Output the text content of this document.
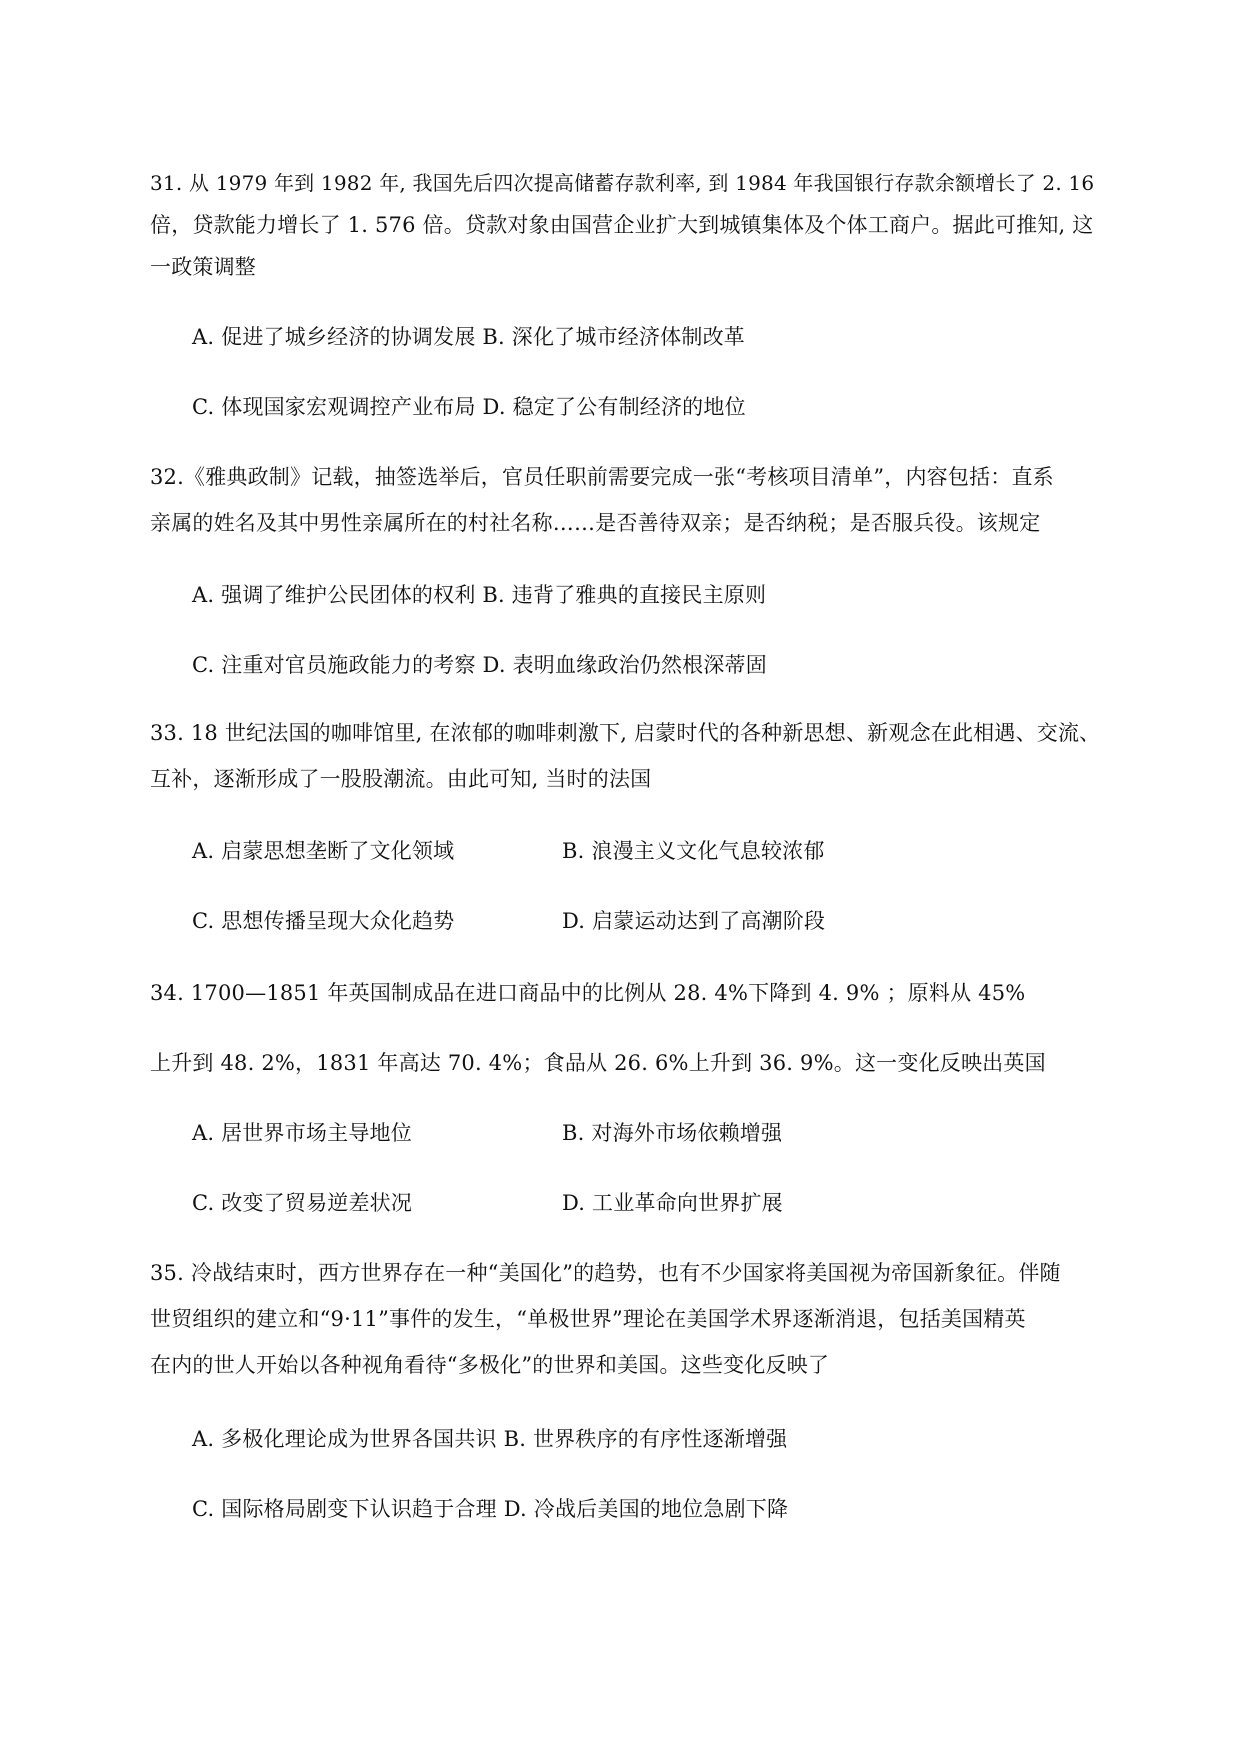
31. 从 1979 年到 1982 年, 我国先后四次提高储蓄存款利率, 到 1984 年我国银行存款余额增长了 2. 16
倍，贷款能力增长了 1. 576 倍。贷款对象由国营企业扩大到城镇集体及个体工商户。据此可推知, 这
一政策调整
A. 促进了城乡经济的协调发展 B. 深化了城市经济体制改革
C. 体现国家宏观调控产业布局 D. 稳定了公有制经济的地位
32.《雅典政制》记载，抽签选举后，官员任职前需要完成一张“考核项目清单”，内容包括：直系
亲属的姓名及其中男性亲属所在的村社名称……是否善待双亲；是否纳税；是否服兵役。该规定
A. 强调了维护公民团体的权利 B. 违背了雅典的直接民主原则
C. 注重对官员施政能力的考察 D. 表明血缘政治仍然根深蒂固
33. 18 世纪法国的咖啡馆里, 在浓郁的咖啡刺激下, 启蒙时代的各种新思想、新观念在此相遇、交流、
互补，逐渐形成了一股股潮流。由此可知, 当时的法国
A. 启蒙思想垄断了文化领域	B. 浪漫主义文化气息较浓郁
C. 思想传播呈现大众化趋势	D. 启蒙运动达到了高潮阶段
34. 1700—1851 年英国制成品在进口商品中的比例从 28. 4%下降到 4. 9% ；原料从 45%
上升到 48. 2%，1831 年高达 70. 4%；食品从 26. 6%上升到 36. 9%。这一变化反映出英国
A. 居世界市场主导地位	B. 对海外市场依赖增强
C. 改变了贸易逆差状况	D. 工业革命向世界扩展
35. 冷战结束时，西方世界存在一种“美国化”的趋势，也有不少国家将美国视为帝国新象征。伴随
世贸组织的建立和“9·11”事件的发生，“单极世界”理论在美国学术界逐渐消退，包括美国精英
在内的世人开始以各种视角看待“多极化”的世界和美国。这些变化反映了
A. 多极化理论成为世界各国共识 B. 世界秩序的有序性逐渐增强
C. 国际格局剧变下认识趋于合理 D. 冷战后美国的地位急剧下降
